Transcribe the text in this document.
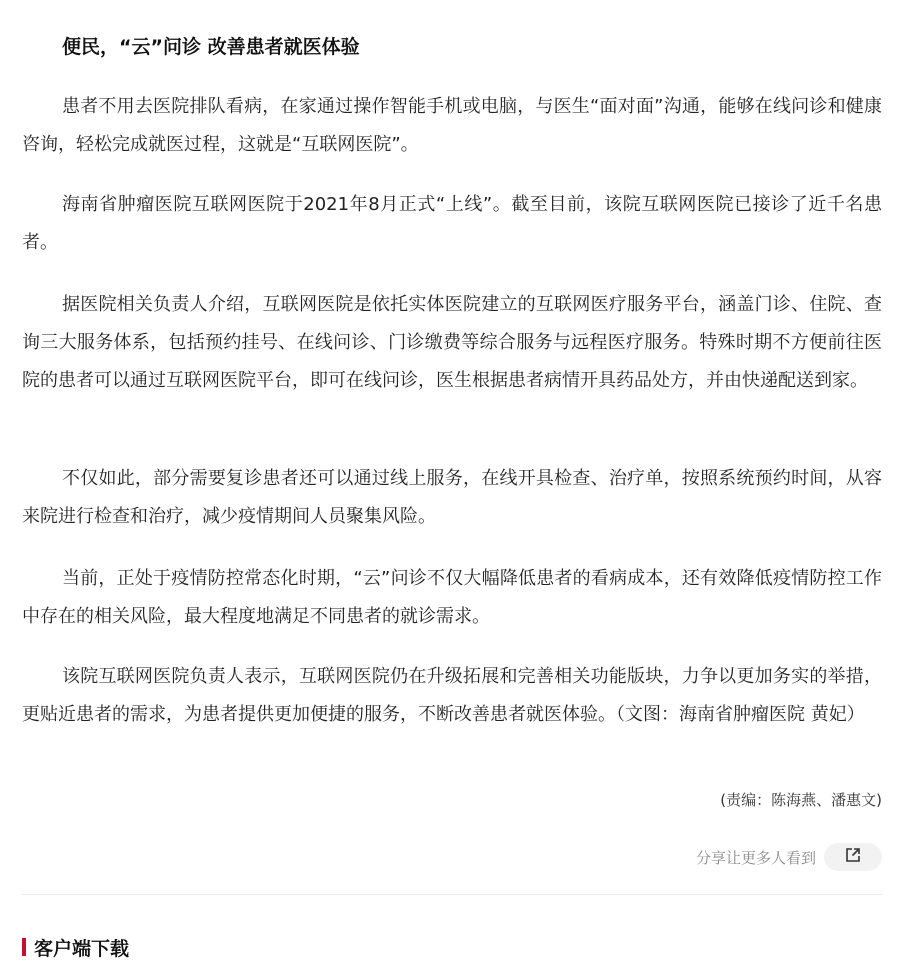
便民，“云”问诊 改善患者就医体验

患者不用去医院排队看病，在家通过操作智能手机或电脑，与医生“面对面”沟通，能够在线问诊和健康咨询，轻松完成就医过程，这就是“互联网医院”。

海南省肿瘤医院互联网医院于2021年8月正式“上线”。截至目前，该院互联网医院已接诊了近千名患者。

据医院相关负责人介绍，互联网医院是依托实体医院建立的互联网医疗服务平台，涵盖门诊、住院、查询三大服务体系，包括预约挂号、在线问诊、门诊缴费等综合服务与远程医疗服务。特殊时期不方便前往医院的患者可以通过互联网医院平台，即可在线问诊，医生根据患者病情开具药品处方，并由快递配送到家。

不仅如此，部分需要复诊患者还可以通过线上服务，在线开具检查、治疗单，按照系统预约时间，从容来院进行检查和治疗，减少疫情期间人员聚集风险。

当前，正处于疫情防控常态化时期，“云”问诊不仅大幅降低患者的看病成本，还有效降低疫情防控工作中存在的相关风险，最大程度地满足不同患者的就诊需求。

该院互联网医院负责人表示，互联网医院仍在升级拓展和完善相关功能版块，力争以更加务实的举措，更贴近患者的需求，为患者提供更加便捷的服务，不断改善患者就医体验。（文图：海南省肿瘤医院 黄妃）

(责编：陈海燕、潘惠文)
分享让更多人看到
客户端下载
